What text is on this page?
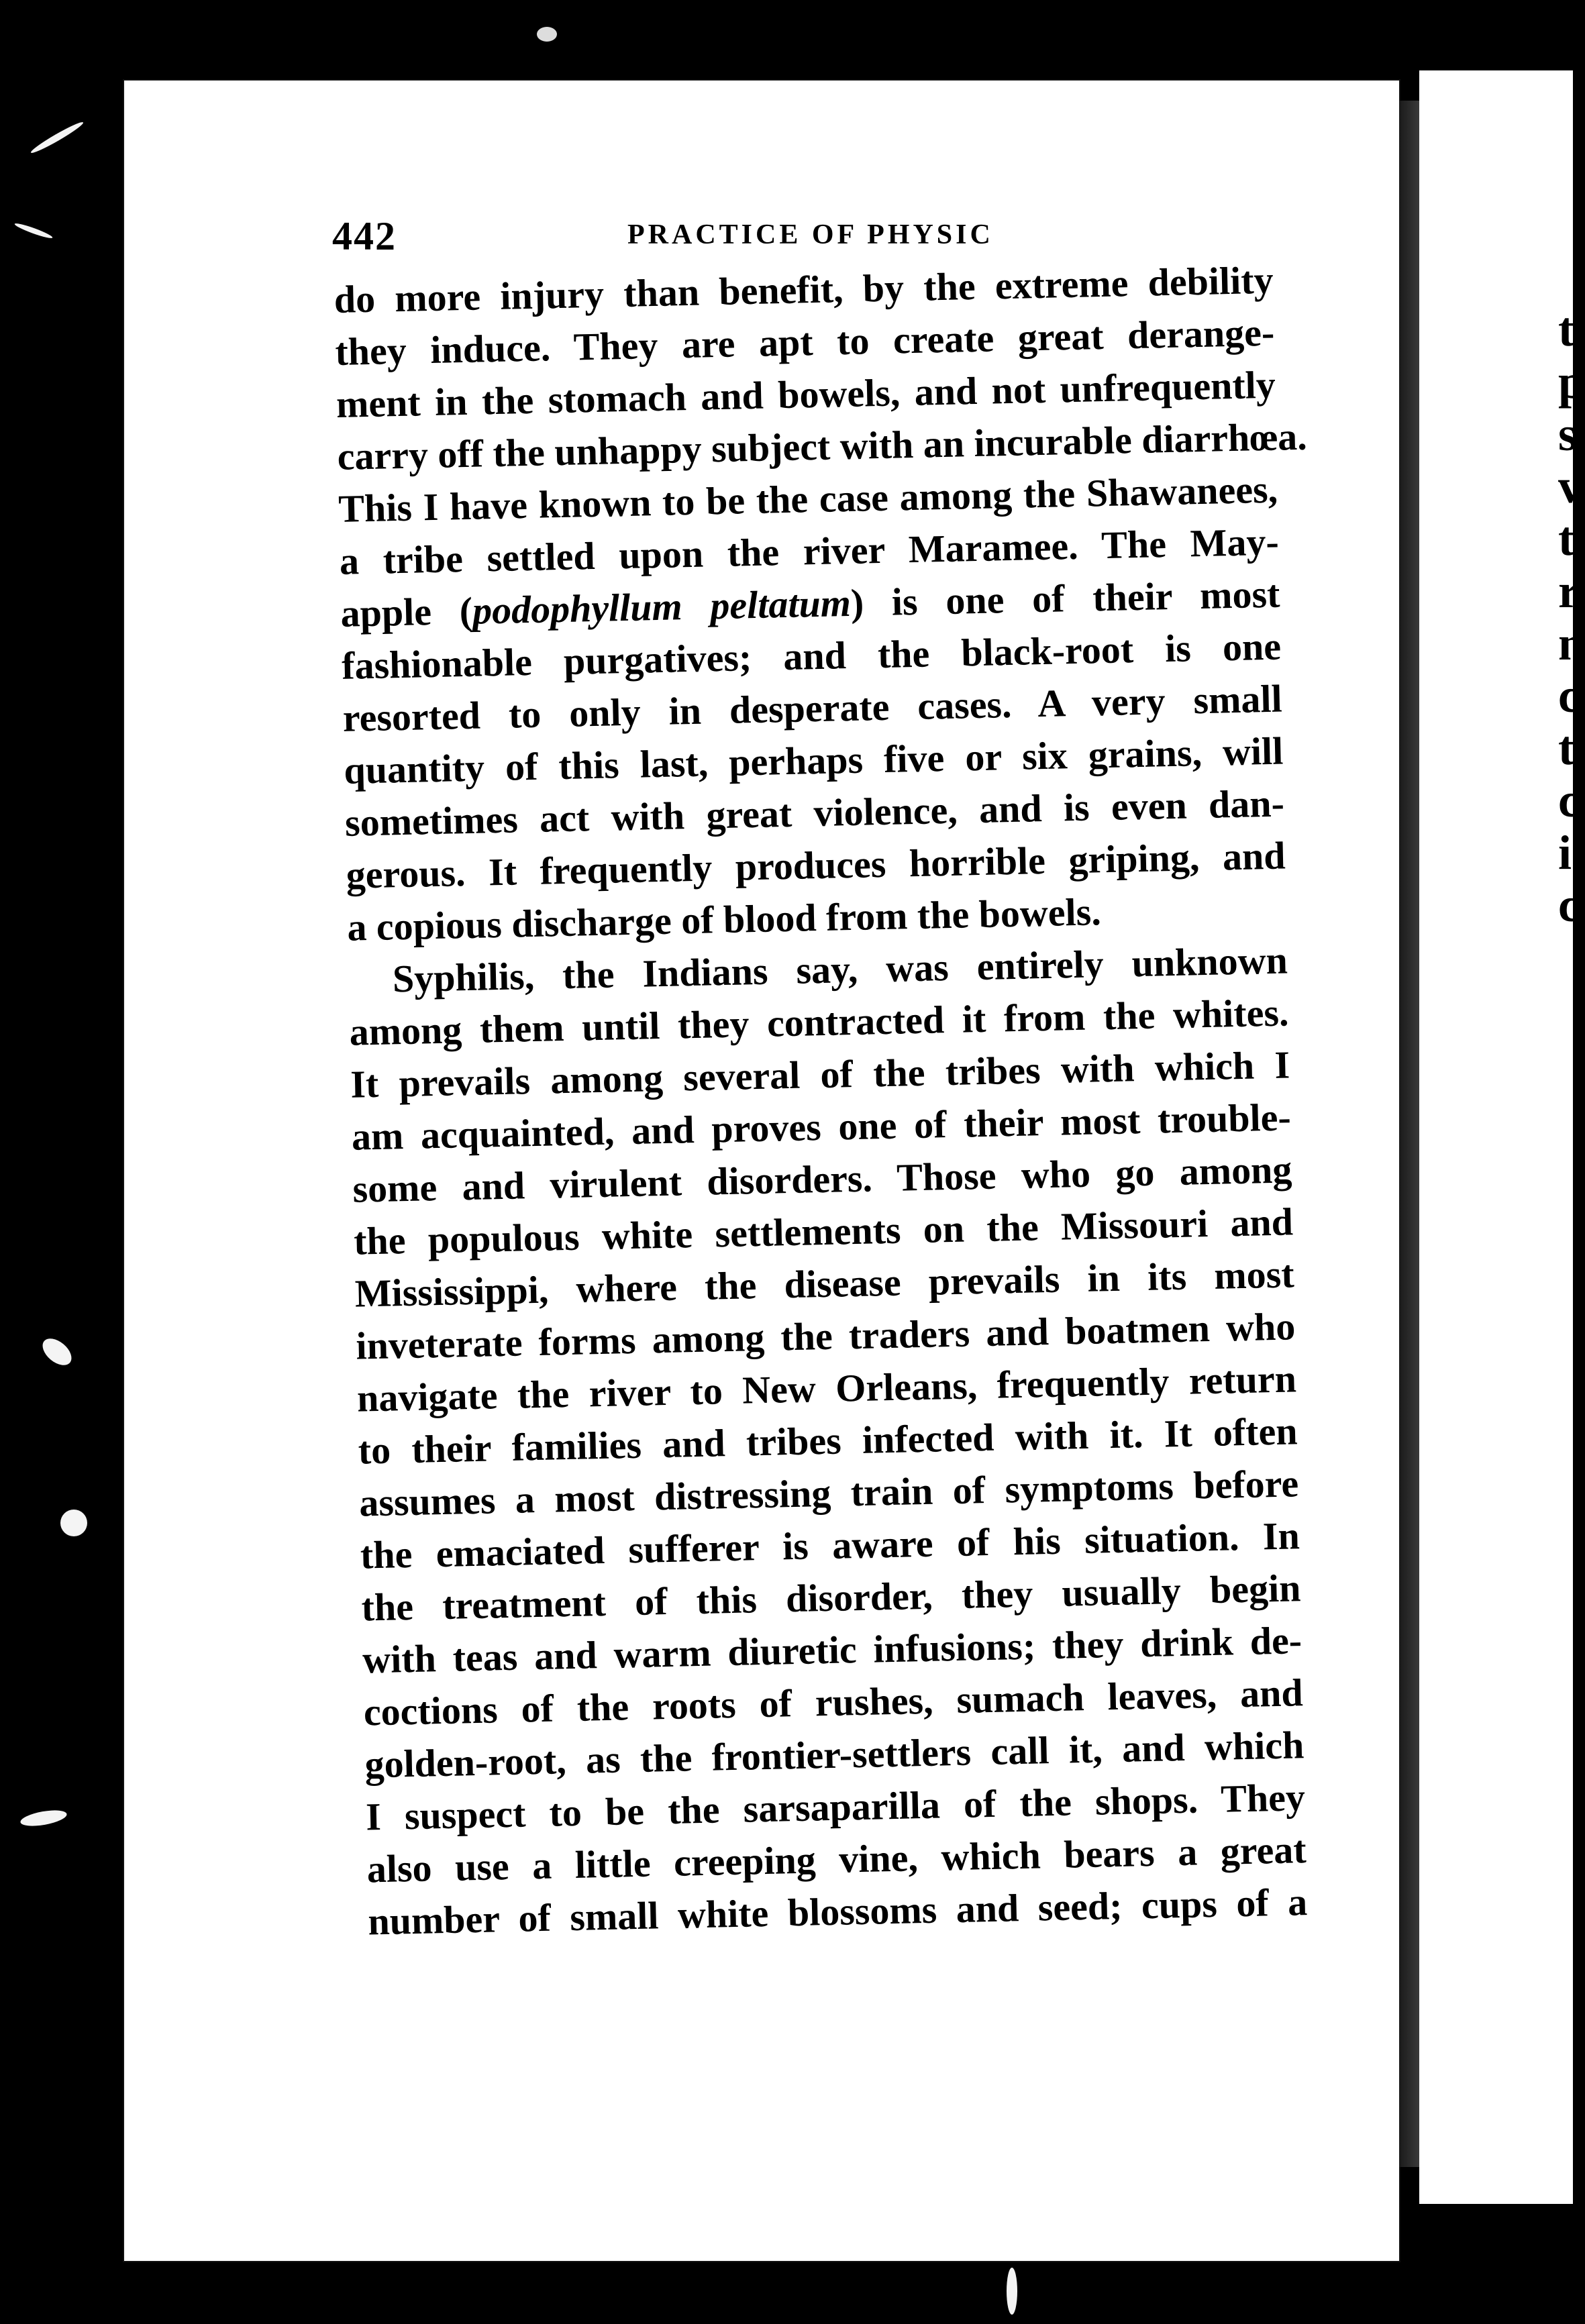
t
p
s
v
t
r
n
c
t
c
i
c
442	PRACTICE OF PHYSIC
do more injury than benefit, by the extreme debility
they induce. They are apt to create great derange-
ment in the stomach and bowels, and not unfrequently
carry off the unhappy subject with an incurable diarrhœa.
This I have known to be the case among the Shawanees,
a tribe settled upon the river Maramee. The May-
apple (podophyllum peltatum) is one of their most
fashionable purgatives; and the black-root is one
resorted to only in desperate cases. A very small
quantity of this last, perhaps five or six grains, will
sometimes act with great violence, and is even dan-
gerous. It frequently produces horrible griping, and
a copious discharge of blood from the bowels.
Syphilis, the Indians say, was entirely unknown
among them until they contracted it from the whites.
It prevails among several of the tribes with which I
am acquainted, and proves one of their most trouble-
some and virulent disorders. Those who go among
the populous white settlements on the Missouri and
Mississippi, where the disease prevails in its most
inveterate forms among the traders and boatmen who
navigate the river to New Orleans, frequently return
to their families and tribes infected with it. It often
assumes a most distressing train of symptoms before
the emaciated sufferer is aware of his situation. In
the treatment of this disorder, they usually begin
with teas and warm diuretic infusions; they drink de-
coctions of the roots of rushes, sumach leaves, and
golden-root, as the frontier-settlers call it, and which
I suspect to be the sarsaparilla of the shops. They
also use a little creeping vine, which bears a great
number of small white blossoms and seed; cups of a
